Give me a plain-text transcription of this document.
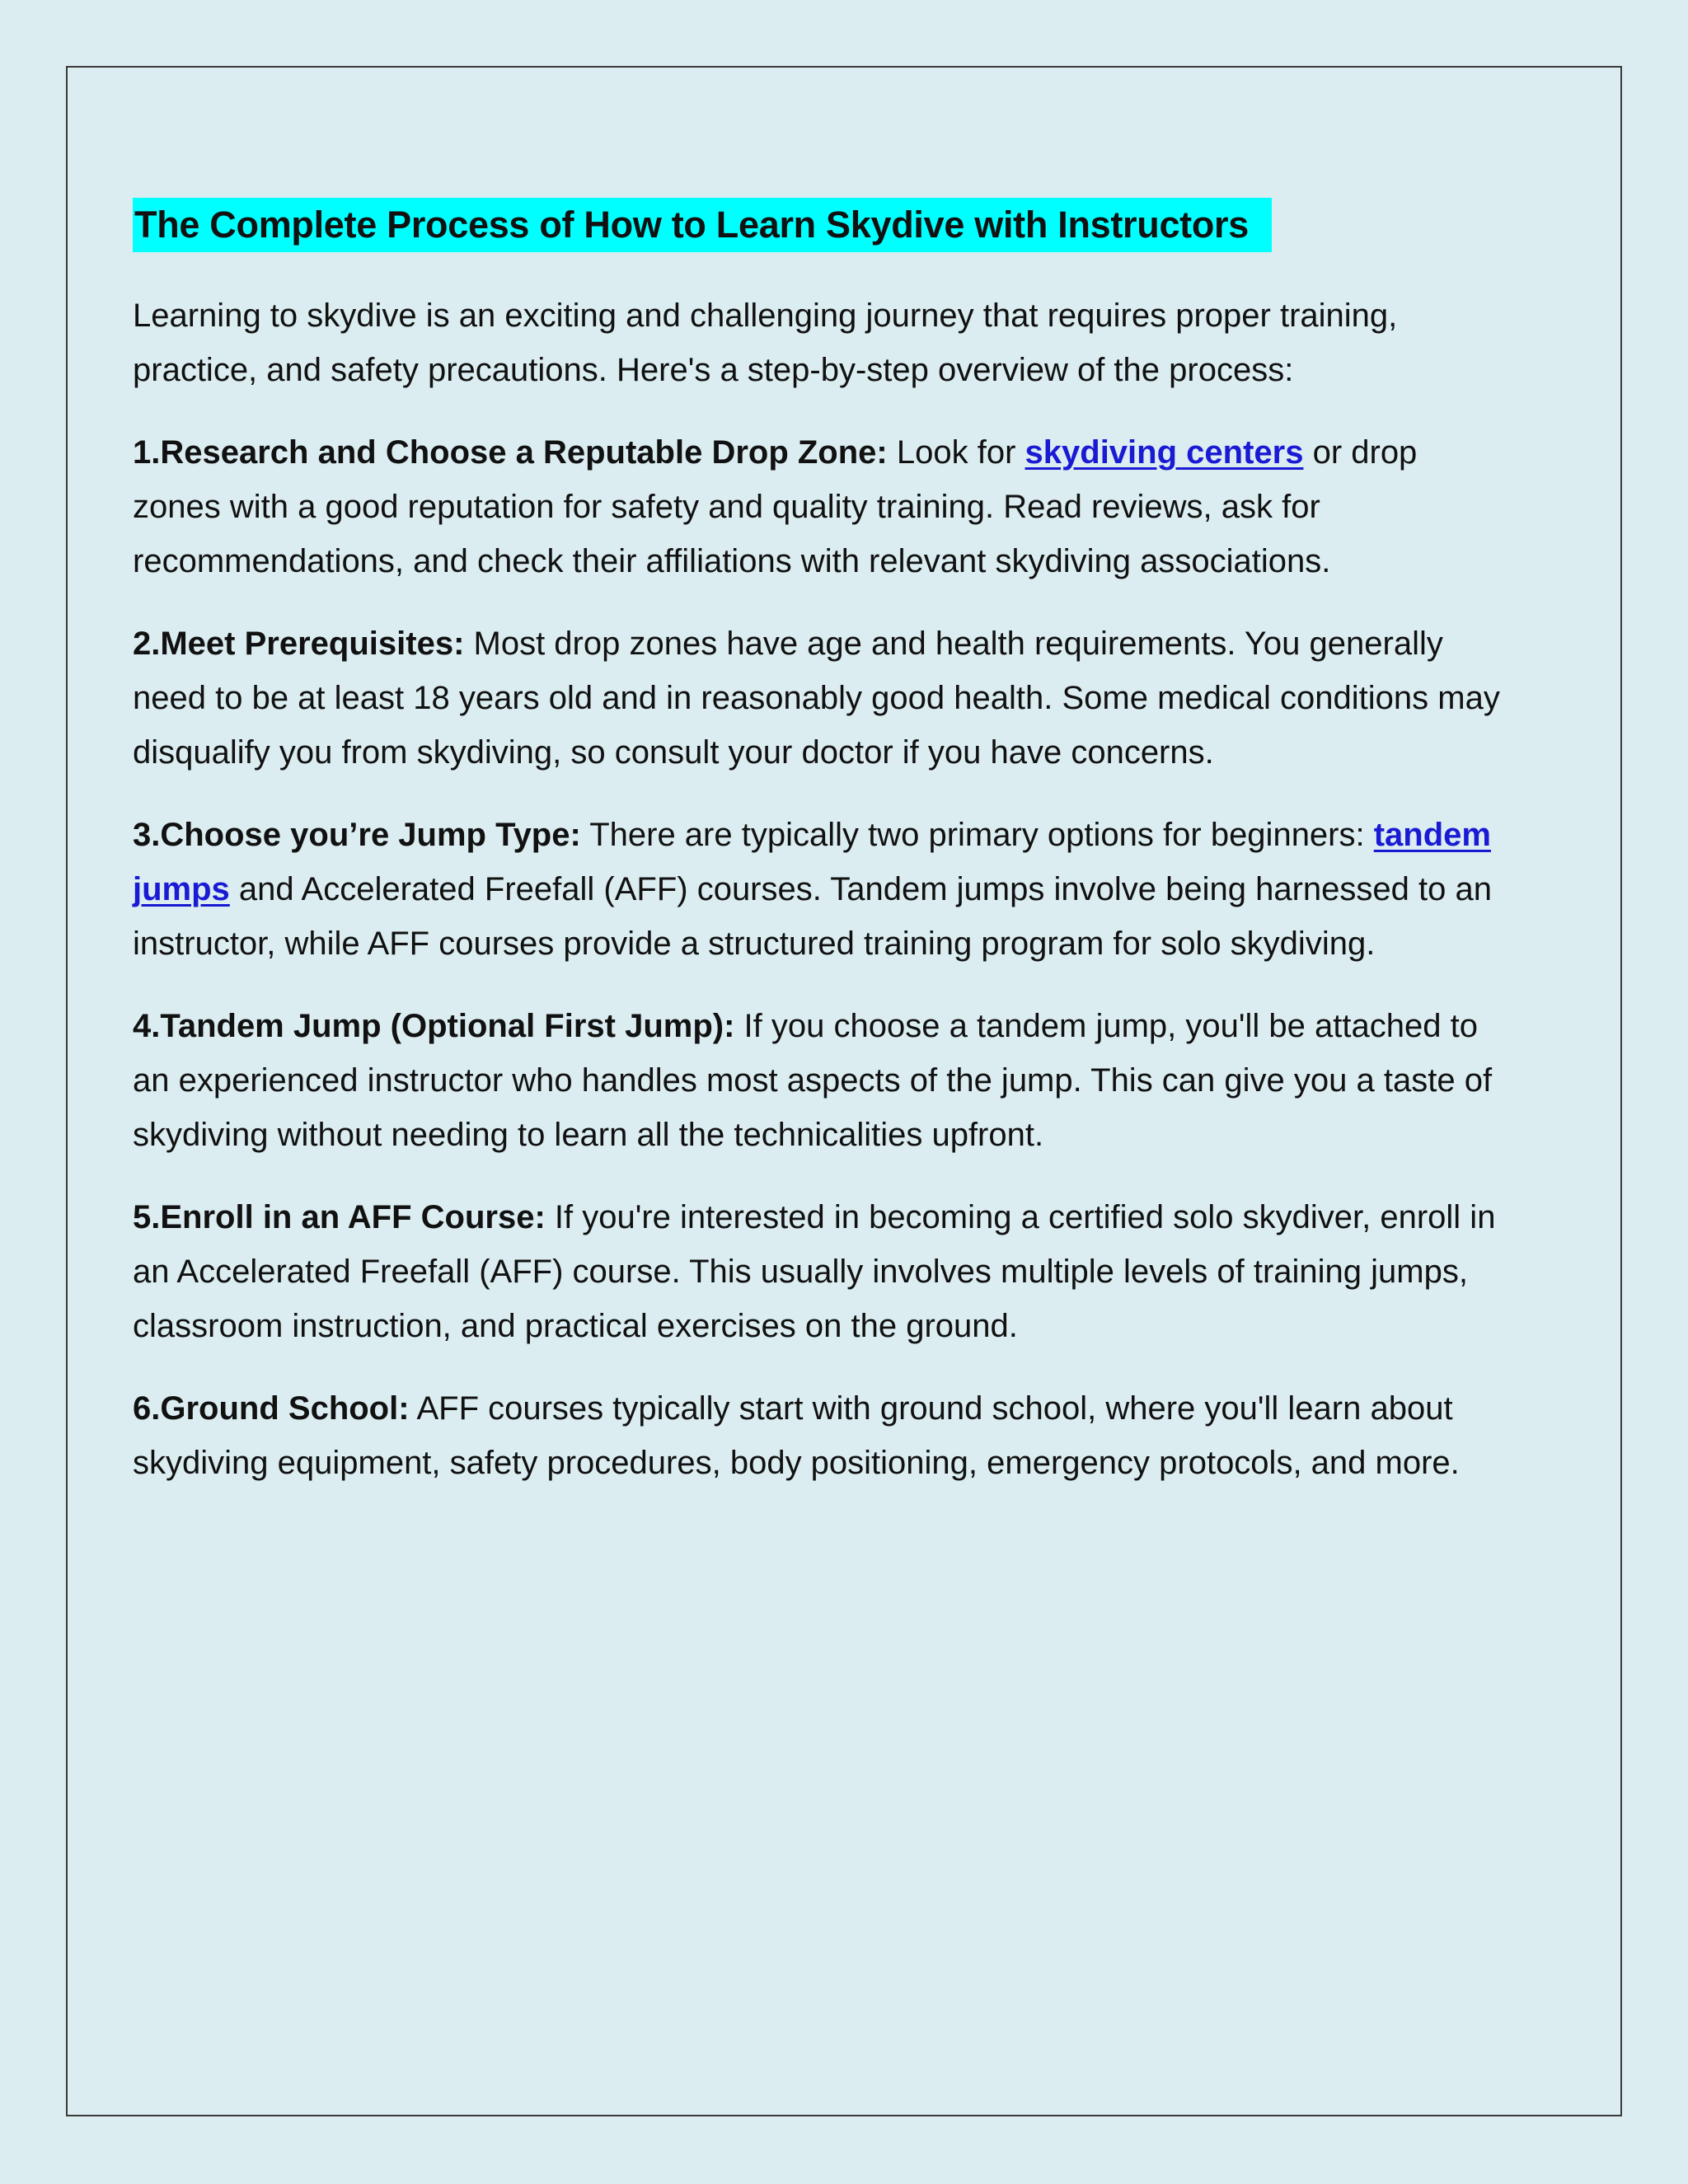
The Complete Process of How to Learn Skydive with Instructors

Learning to skydive is an exciting and challenging journey that requires proper training, practice, and safety precautions. Here's a step-by-step overview of the process:

1.Research and Choose a Reputable Drop Zone: Look for skydiving centers or drop zones with a good reputation for safety and quality training. Read reviews, ask for recommendations, and check their affiliations with relevant skydiving associations.

2.Meet Prerequisites: Most drop zones have age and health requirements. You generally need to be at least 18 years old and in reasonably good health. Some medical conditions may disqualify you from skydiving, so consult your doctor if you have concerns.

3.Choose you’re Jump Type: There are typically two primary options for beginners: tandem jumps and Accelerated Freefall (AFF) courses. Tandem jumps involve being harnessed to an instructor, while AFF courses provide a structured training program for solo skydiving.

4.Tandem Jump (Optional First Jump): If you choose a tandem jump, you'll be attached to an experienced instructor who handles most aspects of the jump. This can give you a taste of skydiving without needing to learn all the technicalities upfront.

5.Enroll in an AFF Course: If you're interested in becoming a certified solo skydiver, enroll in an Accelerated Freefall (AFF) course. This usually involves multiple levels of training jumps, classroom instruction, and practical exercises on the ground.

6.Ground School: AFF courses typically start with ground school, where you'll learn about skydiving equipment, safety procedures, body positioning, emergency protocols, and more.
